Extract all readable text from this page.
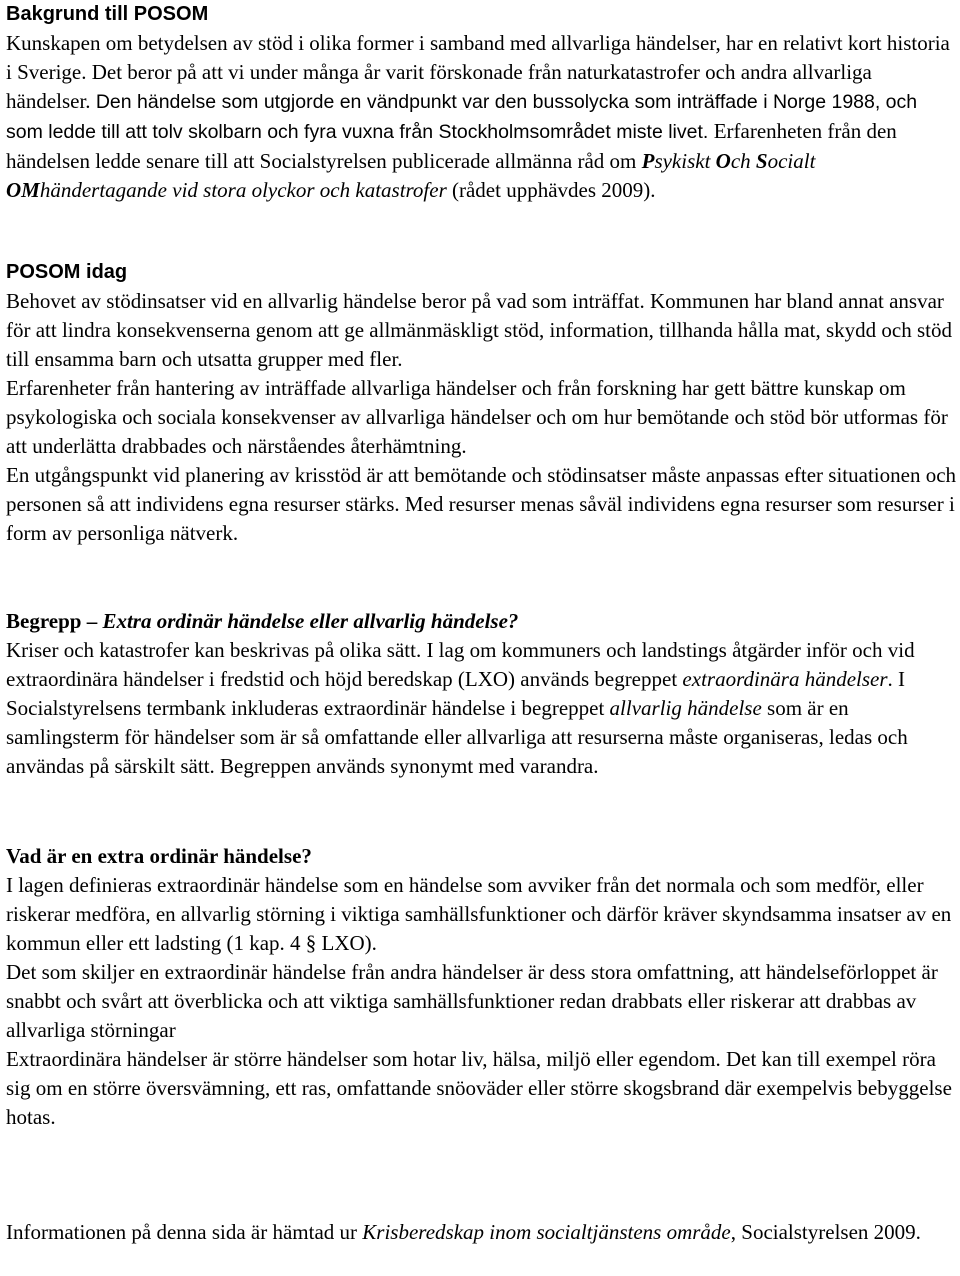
Bakgrund till POSOM

Kunskapen om betydelsen av stöd i olika former i samband med allvarliga händelser, har en relativt kort historia i Sverige. Det beror på att vi under många år varit förskonade från naturkatastrofer och andra allvarliga händelser. Den händelse som utgjorde en vändpunkt var den bussolycka som inträffade i Norge 1988, och som ledde till att tolv skolbarn och fyra vuxna från Stockholmsområdet miste livet. Erfarenheten från den händelsen ledde senare till att Socialstyrelsen publicerade allmänna råd om Psykiskt Och Socialt OMhändertagande vid stora olyckor och katastrofer (rådet upphävdes 2009).

POSOM idag

Behovet av stödinsatser vid en allvarlig händelse beror på vad som inträffat. Kommunen har bland annat ansvar för att lindra konsekvenserna genom att ge allmänmäskligt stöd, information, tillhanda hålla mat, skydd och stöd till ensamma barn och utsatta grupper med fler.

Erfarenheter från hantering av inträffade allvarliga händelser och från forskning har gett bättre kunskap om psykologiska och sociala konsekvenser av allvarliga händelser och om hur bemötande och stöd bör utformas för att underlätta drabbades och närståendes återhämtning.

En utgångspunkt vid planering av krisstöd är att bemötande och stödinsatser måste anpassas efter situationen och personen så att individens egna resurser stärks. Med resurser menas såväl individens egna resurser som resurser i form av personliga nätverk.

Begrepp – Extra ordinär händelse eller allvarlig händelse?

Kriser och katastrofer kan beskrivas på olika sätt. I lag om kommuners och landstings åtgärder inför och vid extraordinära händelser i fredstid och höjd beredskap (LXO) används begreppet extraordinära händelser. I Socialstyrelsens termbank inkluderas extraordinär händelse i begreppet allvarlig händelse som är en samlingsterm för händelser som är så omfattande eller allvarliga att resurserna måste organiseras, ledas och användas på särskilt sätt. Begreppen används synonymt med varandra.

Vad är en extra ordinär händelse?

I lagen definieras extraordinär händelse som en händelse som avviker från det normala och som medför, eller riskerar medföra, en allvarlig störning i viktiga samhällsfunktioner och därför kräver skyndsamma insatser av en kommun eller ett ladsting (1 kap. 4 § LXO).

Det som skiljer en extraordinär händelse från andra händelser är dess stora omfattning, att händelseförloppet är snabbt och svårt att överblicka och att viktiga samhällsfunktioner redan drabbats eller riskerar att drabbas av allvarliga störningar

Extraordinära händelser är större händelser som hotar liv, hälsa, miljö eller egendom. Det kan till exempel röra sig om en större översvämning, ett ras, omfattande snöoväder eller större skogsbrand där exempelvis bebyggelse hotas.

Informationen på denna sida är hämtad ur Krisberedskap inom socialtjänstens område, Socialstyrelsen 2009.
